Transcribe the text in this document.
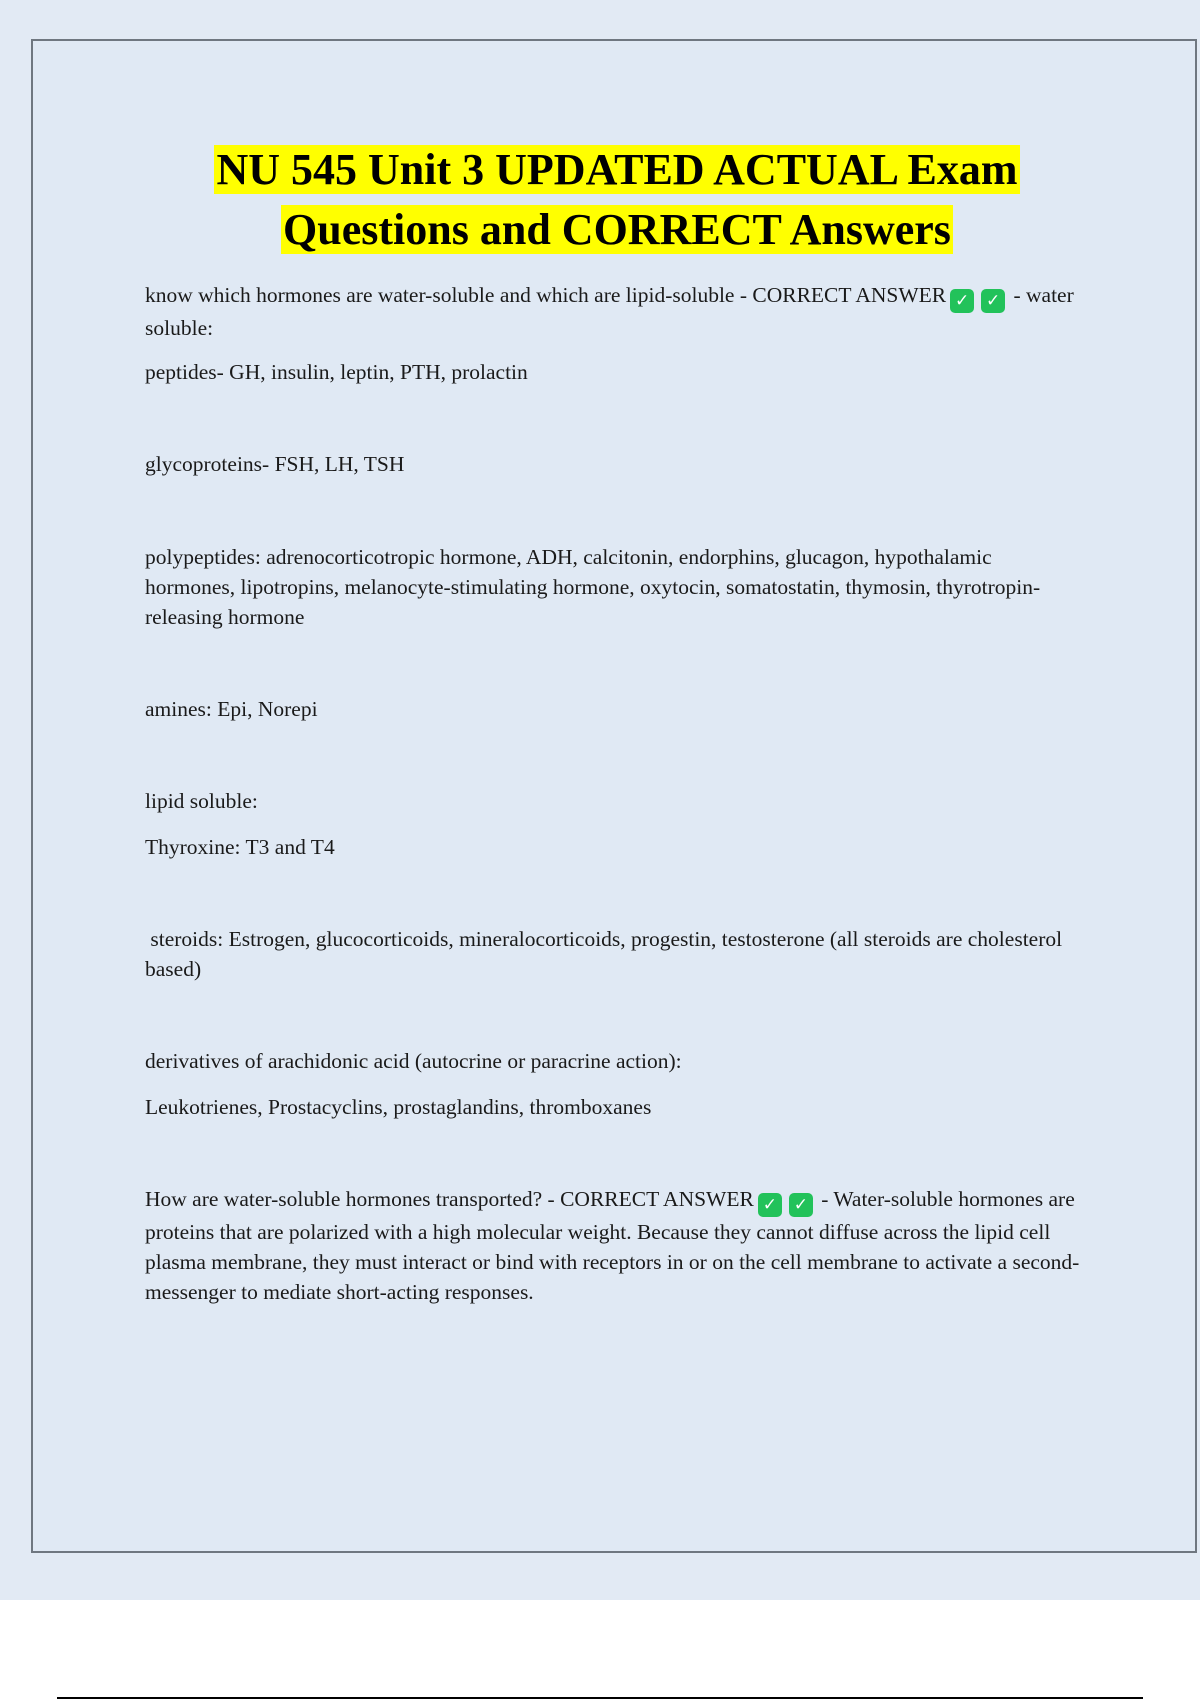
NU 545 Unit 3 UPDATED ACTUAL Exam
Questions and CORRECT Answers

know which hormones are water-soluble and which are lipid-soluble - CORRECT ANSWER ✓ ✓ - water soluble:

peptides- GH, insulin, leptin, PTH, prolactin

glycoproteins- FSH, LH, TSH

polypeptides: adrenocorticotropic hormone, ADH, calcitonin, endorphins, glucagon, hypothalamic hormones, lipotropins, melanocyte-stimulating hormone, oxytocin, somatostatin, thymosin, thyrotropin-releasing hormone

amines: Epi, Norepi

lipid soluble:

Thyroxine: T3 and T4

steroids: Estrogen, glucocorticoids, mineralocorticoids, progestin, testosterone (all steroids are cholesterol based)

derivatives of arachidonic acid (autocrine or paracrine action):

Leukotrienes, Prostacyclins, prostaglandins, thromboxanes

How are water-soluble hormones transported? - CORRECT ANSWER ✓ ✓ - Water-soluble hormones are proteins that are polarized with a high molecular weight. Because they cannot diffuse across the lipid cell plasma membrane, they must interact or bind with receptors in or on the cell membrane to activate a second-messenger to mediate short-acting responses.
